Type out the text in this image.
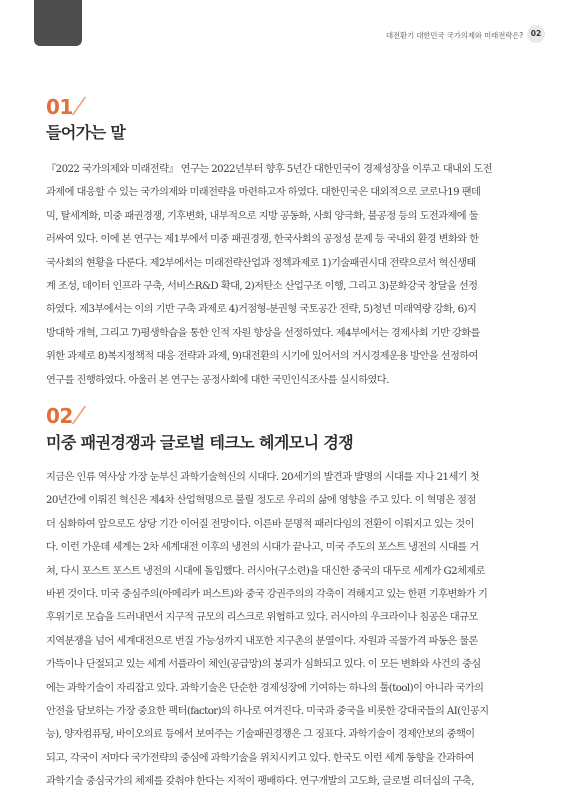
대전환기 대한민국 국가의제와 미래전략은?	02
01
들어가는 말
『2022 국가의제와 미래전략』 연구는 2022년부터 향후 5년간 대한민국이 경제성장을 이루고 대내외 도전
과제에 대응할 수 있는 국가의제와 미래전략을 마련하고자 하였다. 대한민국은 대외적으로 코로나19 팬데
믹, 탈세계화, 미중 패권경쟁, 기후변화, 내부적으로 지방 공동화, 사회 양극화, 불공정 등의 도전과제에 둘
러싸여 있다. 이에 본 연구는 제1부에서 미중 패권경쟁, 한국사회의 공정성 문제 등 국내외 환경 변화와 한
국사회의 현황을 다룬다. 제2부에서는 미래전략산업과 정책과제로 1)기술패권시대 전략으로서 혁신생태
계 조성, 데이터 인프라 구축, 서비스R&D 확대, 2)저탄소 산업구조 이행, 그리고 3)문화강국 창달을 선정
하였다. 제3부에서는 이의 기반 구축 과제로 4)거점형-분권형 국토공간 전략, 5)청년 미래역량 강화, 6)지
방대학 개혁, 그리고 7)평생학습을 통한 인적 자원 향상을 선정하였다. 제4부에서는 경제사회 기반 강화를
위한 과제로 8)복지정책적 대응 전략과 과제, 9)대전환의 시기에 있어서의 거시경제운용 방안을 선정하여
연구를 진행하였다. 아울러 본 연구는 공정사회에 대한 국민인식조사를 실시하였다.
02
미중 패권경쟁과 글로벌 테크노 헤게모니 경쟁
지금은 인류 역사상 가장 눈부신 과학기술혁신의 시대다. 20세기의 발견과 발명의 시대를 지나 21세기 첫
20년간에 이뤄진 혁신은 제4차 산업혁명으로 불릴 정도로 우리의 삶에 영향을 주고 있다. 이 혁명은 점점
더 심화하여 앞으로도 상당 기간 이어질 전망이다. 이른바 문명적 패러다임의 전환이 이뤄지고 있는 것이
다. 이런 가운데 세계는 2차 세계대전 이후의 냉전의 시대가 끝나고, 미국 주도의 포스트 냉전의 시대를 거
쳐, 다시 포스트 포스트 냉전의 시대에 돌입했다. 러시아(구소련)을 대신한 중국의 대두로 세계가 G2체제로
바뀐 것이다. 미국 중심주의(아메리카 퍼스트)와 중국 강권주의의 각축이 격해지고 있는 한편 기후변화가 기
후위기로 모습을 드러내면서 지구적 규모의 리스크로 위협하고 있다. 러시아의 우크라이나 침공은 대규모
지역분쟁을 넘어 세계대전으로 번질 가능성까지 내포한 지구촌의 분열이다. 자원과 곡물가격 파동은 물론
가뜩이나 단절되고 있는 세계 서플라이 체인(공급망)의 붕괴가 심화되고 있다. 이 모든 변화와 사건의 중심
에는 과학기술이 자리잡고 있다. 과학기술은 단순한 경제성장에 기여하는 하나의 툴(tool)이 아니라 국가의
안전을 담보하는 가장 중요한 팩터(factor)의 하나로 여겨진다. 미국과 중국을 비롯한 강대국들의 AI(인공지
능), 양자컴퓨팅, 바이오의료 등에서 보여주는 기술패권경쟁은 그 징표다. 과학기술이 경제안보의 중핵이
되고, 각국이 저마다 국가전략의 중심에 과학기술을 위치시키고 있다. 한국도 이런 세계 동향을 간과하여
과학기술 중심국가의 체제를 갖춰야 한다는 지적이 팽배하다. 연구개발의 고도화, 글로벌 리더십의 구축,
